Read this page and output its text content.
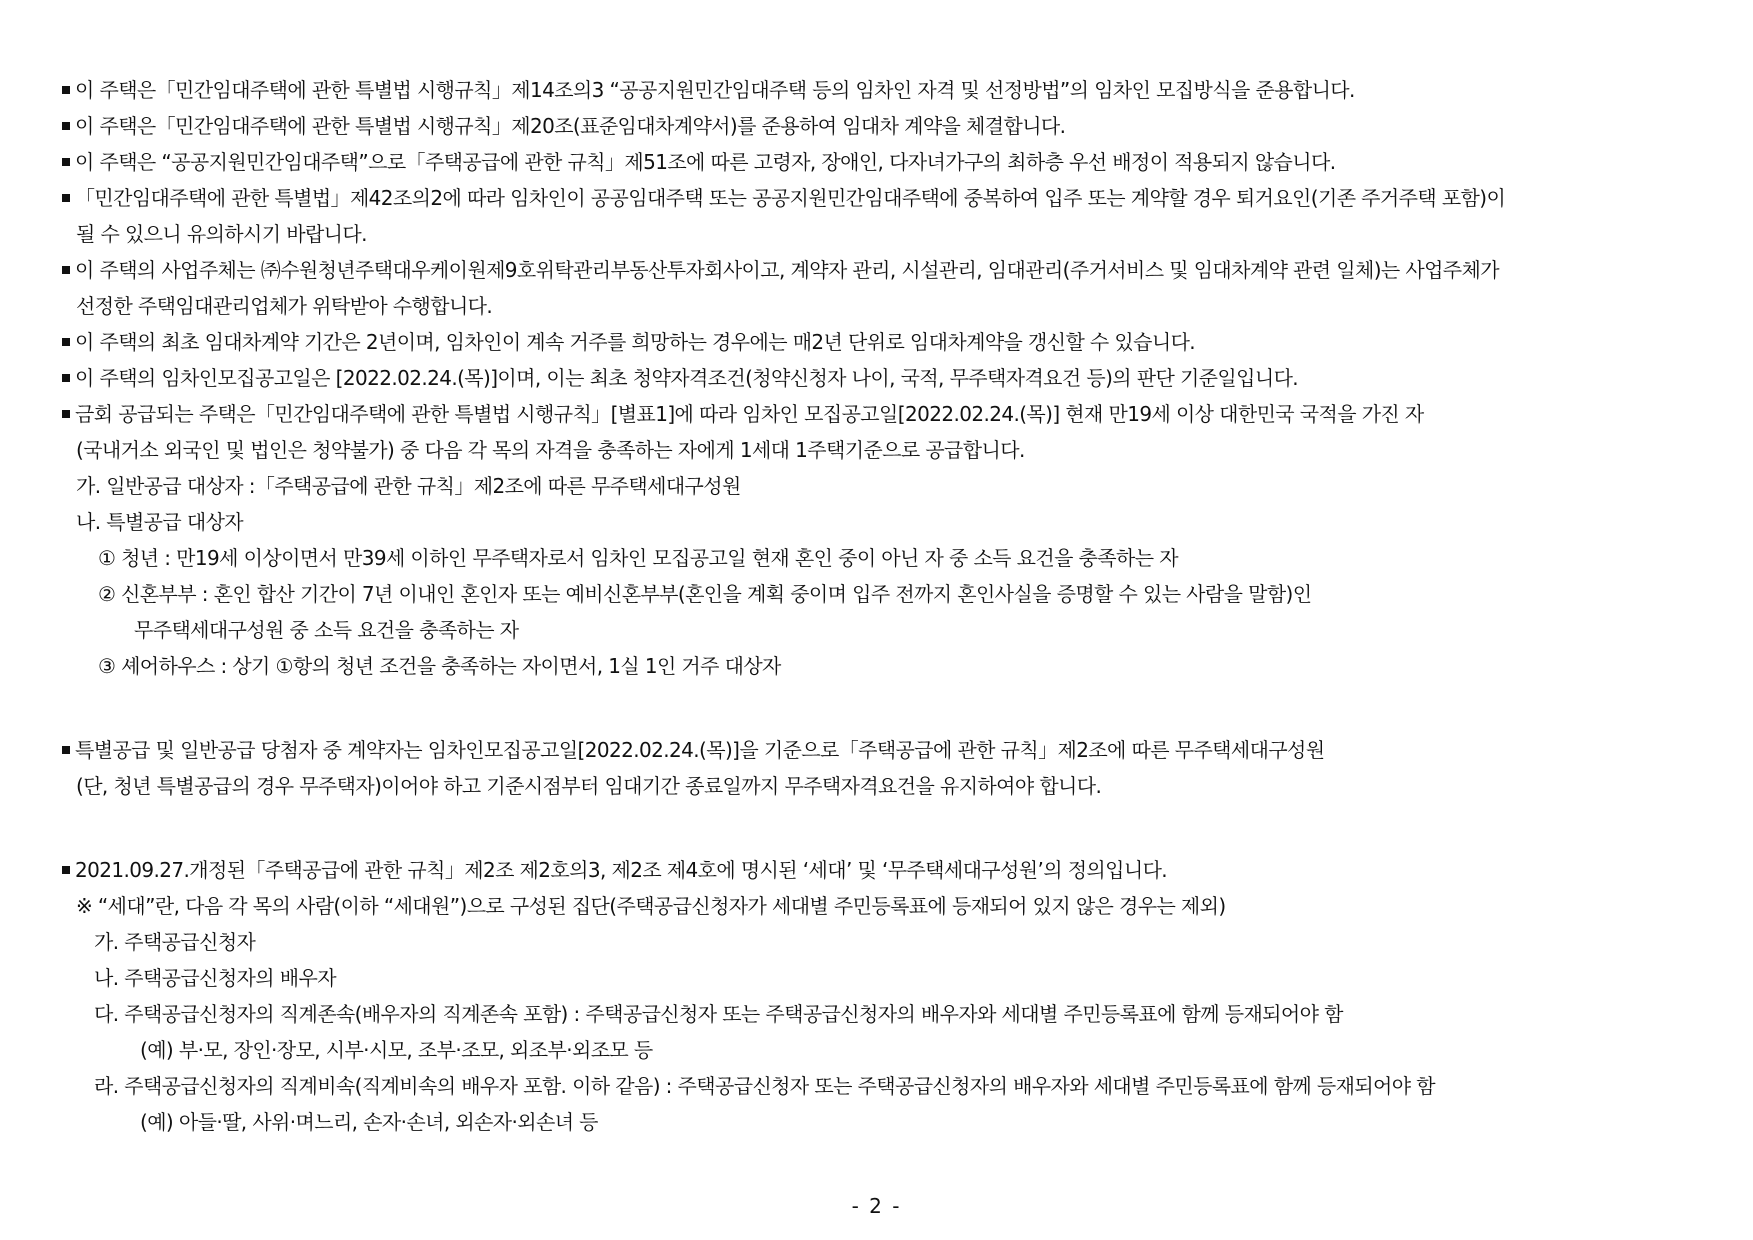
이 주택은「민간임대주택에 관한 특별법 시행규칙」제14조의3 “공공지원민간임대주택 등의 임차인 자격 및 선정방법”의 임차인 모집방식을 준용합니다.
이 주택은「민간임대주택에 관한 특별법 시행규칙」제20조(표준임대차계약서)를 준용하여 임대차 계약을 체결합니다.
이 주택은 “공공지원민간임대주택”으로「주택공급에 관한 규칙」제51조에 따른 고령자, 장애인, 다자녀가구의 최하층 우선 배정이 적용되지 않습니다.
「민간임대주택에 관한 특별법」제42조의2에 따라 임차인이 공공임대주택 또는 공공지원민간임대주택에 중복하여 입주 또는 계약할 경우 퇴거요인(기존 주거주택 포함)이
될 수 있으니 유의하시기 바랍니다.
이 주택의 사업주체는 ㈜수원청년주택대우케이원제9호위탁관리부동산투자회사이고, 계약자 관리, 시설관리, 임대관리(주거서비스 및 임대차계약 관련 일체)는 사업주체가
선정한 주택임대관리업체가 위탁받아 수행합니다.
이 주택의 최초 임대차계약 기간은 2년이며, 임차인이 계속 거주를 희망하는 경우에는 매2년 단위로 임대차계약을 갱신할 수 있습니다.
이 주택의 임차인모집공고일은 [2022.02.24.(목)]이며, 이는 최초 청약자격조건(청약신청자 나이, 국적, 무주택자격요건 등)의 판단 기준일입니다.
금회 공급되는 주택은「민간임대주택에 관한 특별법 시행규칙」[별표1]에 따라 임차인 모집공고일[2022.02.24.(목)] 현재 만19세 이상 대한민국 국적을 가진 자
(국내거소 외국인 및 법인은 청약불가) 중 다음 각 목의 자격을 충족하는 자에게 1세대 1주택기준으로 공급합니다.
가. 일반공급 대상자 :「주택공급에 관한 규칙」제2조에 따른 무주택세대구성원
나. 특별공급 대상자
① 청년 : 만19세 이상이면서 만39세 이하인 무주택자로서 임차인 모집공고일 현재 혼인 중이 아닌 자 중 소득 요건을 충족하는 자
② 신혼부부 : 혼인 합산 기간이 7년 이내인 혼인자 또는 예비신혼부부(혼인을 계획 중이며 입주 전까지 혼인사실을 증명할 수 있는 사람을 말함)인
무주택세대구성원 중 소득 요건을 충족하는 자
③ 셰어하우스 : 상기 ①항의 청년 조건을 충족하는 자이면서, 1실 1인 거주 대상자
특별공급 및 일반공급 당첨자 중 계약자는 임차인모집공고일[2022.02.24.(목)]을 기준으로「주택공급에 관한 규칙」제2조에 따른 무주택세대구성원
(단, 청년 특별공급의 경우 무주택자)이어야 하고 기준시점부터 임대기간 종료일까지 무주택자격요건을 유지하여야 합니다.
2021.09.27.개정된「주택공급에 관한 규칙」제2조 제2호의3, 제2조 제4호에 명시된 ‘세대’ 및 ‘무주택세대구성원’의 정의입니다.
※ “세대”란, 다음 각 목의 사람(이하 “세대원”)으로 구성된 집단(주택공급신청자가 세대별 주민등록표에 등재되어 있지 않은 경우는 제외)
가. 주택공급신청자
나. 주택공급신청자의 배우자
다. 주택공급신청자의 직계존속(배우자의 직계존속 포함) : 주택공급신청자 또는 주택공급신청자의 배우자와 세대별 주민등록표에 함께 등재되어야 함
(예) 부·모, 장인·장모, 시부·시모, 조부·조모, 외조부·외조모 등
라. 주택공급신청자의 직계비속(직계비속의 배우자 포함. 이하 같음) : 주택공급신청자 또는 주택공급신청자의 배우자와 세대별 주민등록표에 함께 등재되어야 함
(예) 아들·딸, 사위·며느리, 손자·손녀, 외손자·외손녀 등
- 2 -
